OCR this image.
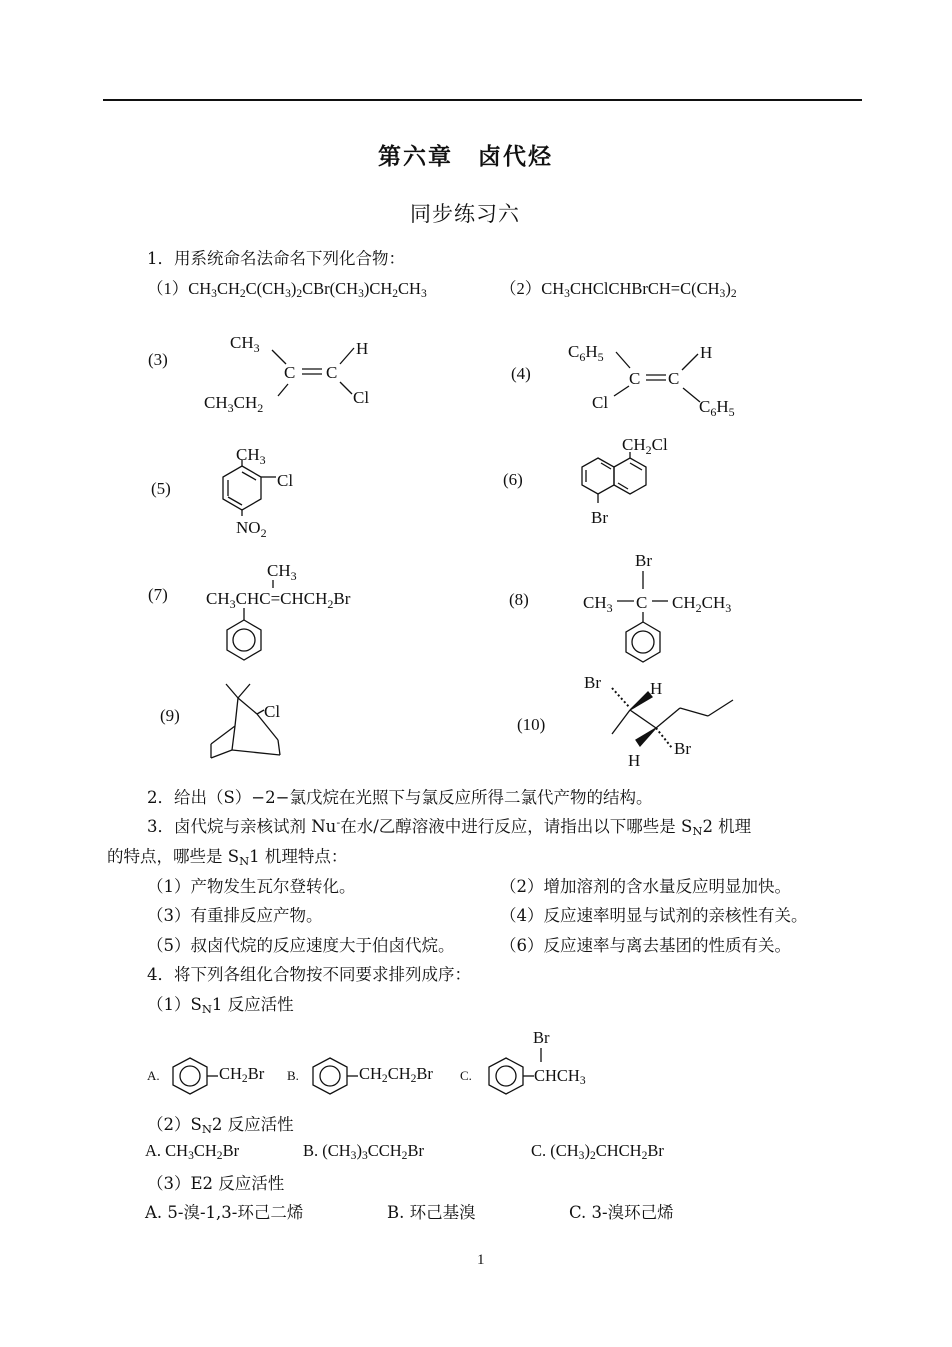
第六章　卤代烃
同步练习六
1．用系统命名法命名下列化合物：
$(1)CH_3CH_2C(CH_3)_2CBr(CH_3)CH_2CH_3$	$(2)CH_3CHClCHBrCH=C(CH_3)_2$
(3)
(4)
(5)	(6)
(7)	(8)
(9)	(10)
$CH_3$	H
C C
$CH_3CH_2$
Cl
$C_6H_5$	H
C C
Cl	$C_6H_5$
$CH_3$
Cl
$NO_2$
$CH_2Cl$
Br
$CH_3$
$CH_3CHC=CHCH_2Br$
Br
$CH_3$ C $CH_2CH_3$
Cl
Br	H
H
Br
2．给出（S）−2−氯戊烷在光照下与氯反应所得二氯代产物的结构。
3．卤代烷与亲核试剂 Nu-在水/乙醇溶液中进行反应，请指出以下哪些是 $S_N2$ 机理
的特点，哪些是 $S_N1$ 机理特点：
（1）产物发生瓦尔登转化。	（2）增加溶剂的含水量反应明显加快。
（3）有重排反应产物。	（4）反应速率明显与试剂的亲核性有关。
（5）叔卤代烷的反应速度大于伯卤代烷。	（6）反应速率与离去基团的性质有关。
4．将下列各组化合物按不同要求排列成序：
$(1)S_N1$ 反应活性
A.	$CH_2Br$ B.	$CH_2CH_2Br$ C.
Br
$CHCH_3$
$(2)S_N2$ 反应活性
A. $CH_3CH_2Br$	B. $(CH_3)_3CCH_2Br$	C. $(CH_3)_2CHCH_2Br$
（3）E2 反应活性
A. 5-溴-1,3-环己二烯	B. 环己基溴	C. 3-溴环己烯
1
